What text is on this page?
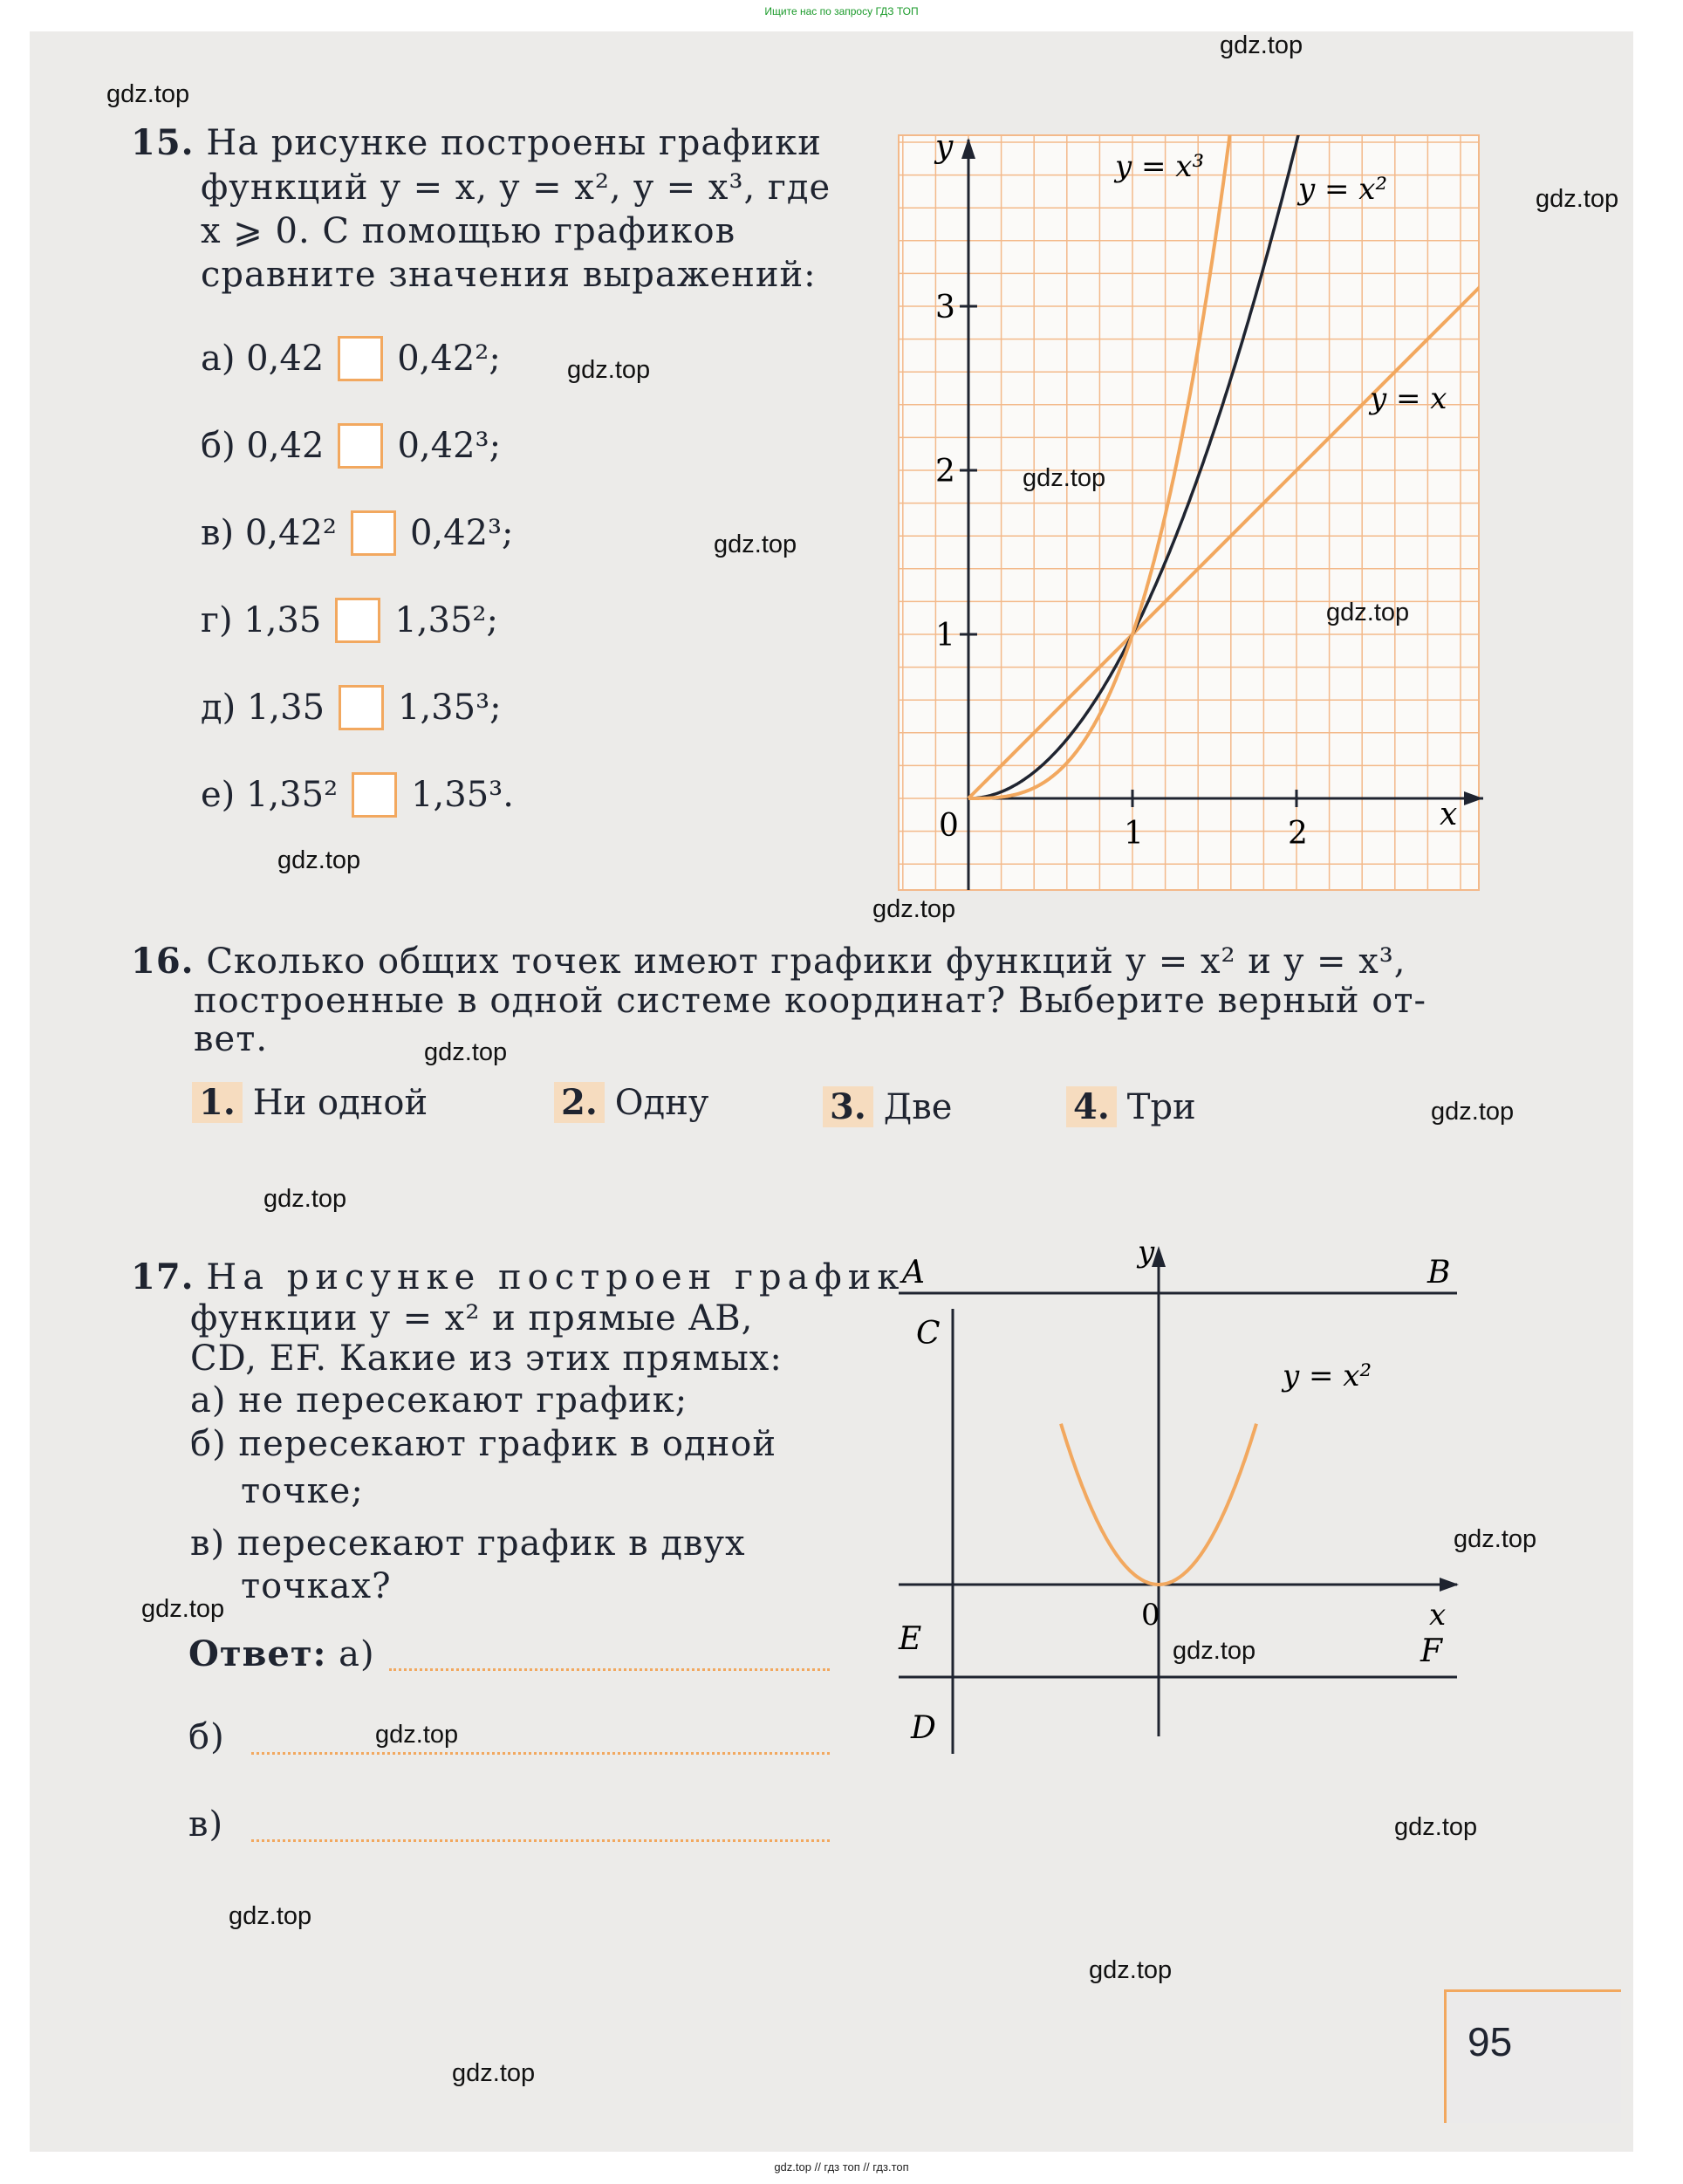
Ищите нас по запросу ГДЗ ТОП
15. На рисунке построены графики
функций y = x, y = x², y = x³, где
x ⩾ 0. С помощью графиков
сравните значения выражений:
а)
0,42 0,42²;
б)
0,42 0,42³;
в)
0,42² 0,42³;
г)
1,35 1,35²;
д)
1,35 1,35³;
е)
1,35² 1,35³.
y
x
0	1	2
1
2
3
y = x³
y = x²
y = x
16. Сколько общих точек имеют графики функций y = x² и y = x³,
построенные в одной системе координат? Выберите верный от-
вет.
1. Ни одной	2. Одну	3. Две	4. Три
17. На рисунке построен график
функции y = x² и прямые AB,
CD, EF. Какие из этих прямых:
а) не пересекают график;
б) пересекают график в одной
точке;
в) пересекают график в двух
точках?
Ответ: а)
б)
в)
A	B
C
D
E	F
y
x
0
y = x²
95
gdz.top
gdz.top
gdz.top
gdz.top
gdz.top
gdz.top
gdz.top
gdz.top
gdz.top
gdz.top
gdz.top
gdz.top
gdz.top
gdz.top
gdz.top
gdz.top
gdz.top
gdz.top
gdz.top
gdz.top
gdz.top // гдз топ // гдз.топ
